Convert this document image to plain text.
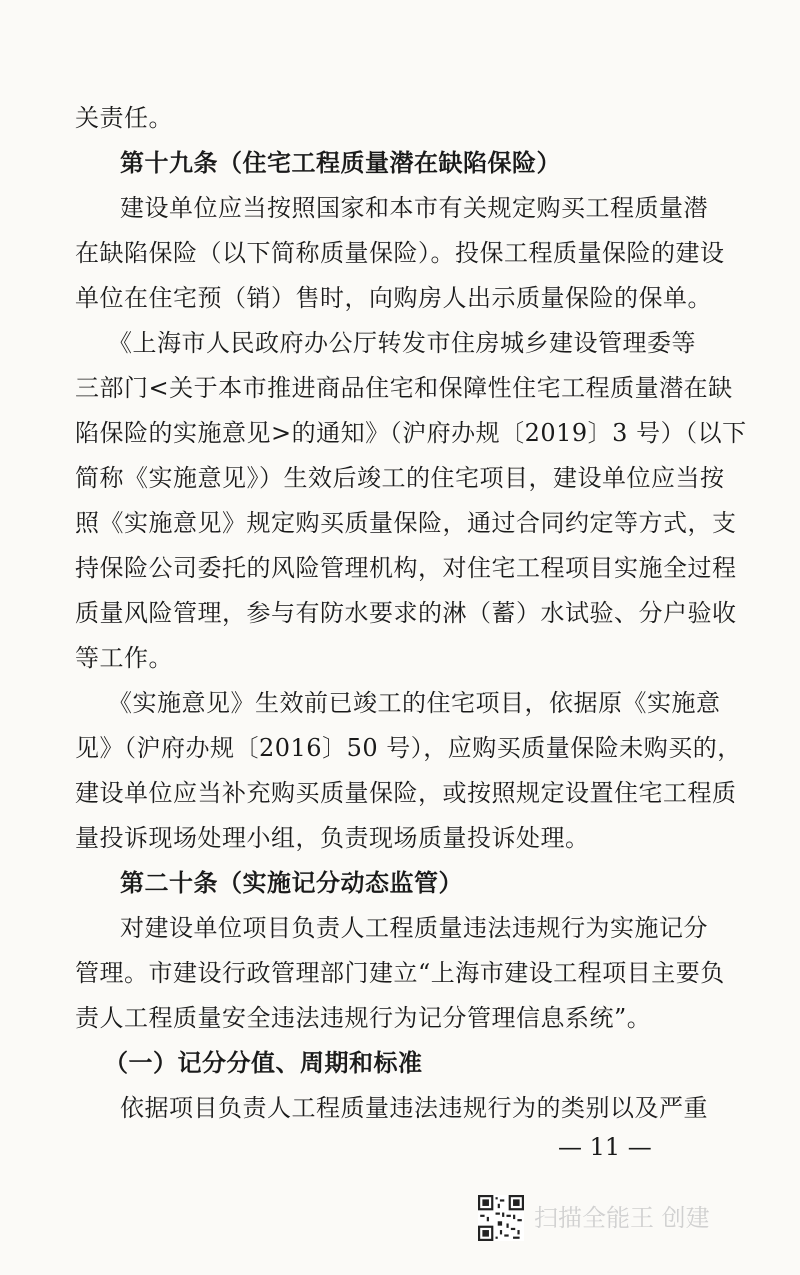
关责任。
第十九条（住宅工程质量潜在缺陷保险）
建设单位应当按照国家和本市有关规定购买工程质量潜
在缺陷保险（以下简称质量保险）。投保工程质量保险的建设
单位在住宅预（销）售时，向购房人出示质量保险的保单。
《上海市人民政府办公厅转发市住房城乡建设管理委等
三部门<关于本市推进商品住宅和保障性住宅工程质量潜在缺
陷保险的实施意见>的通知》（沪府办规〔2019〕3 号）（以下
简称《实施意见》）生效后竣工的住宅项目，建设单位应当按
照《实施意见》规定购买质量保险，通过合同约定等方式，支
持保险公司委托的风险管理机构，对住宅工程项目实施全过程
质量风险管理，参与有防水要求的淋（蓄）水试验、分户验收
等工作。
《实施意见》生效前已竣工的住宅项目，依据原《实施意
见》（沪府办规〔2016〕50 号），应购买质量保险未购买的，
建设单位应当补充购买质量保险，或按照规定设置住宅工程质
量投诉现场处理小组，负责现场质量投诉处理。
第二十条（实施记分动态监管）
对建设单位项目负责人工程质量违法违规行为实施记分
管理。市建设行政管理部门建立“上海市建设工程项目主要负
责人工程质量安全违法违规行为记分管理信息系统”。
（一）记分分值、周期和标准
依据项目负责人工程质量违法违规行为的类别以及严重
— 11 —
扫描全能王 创建
